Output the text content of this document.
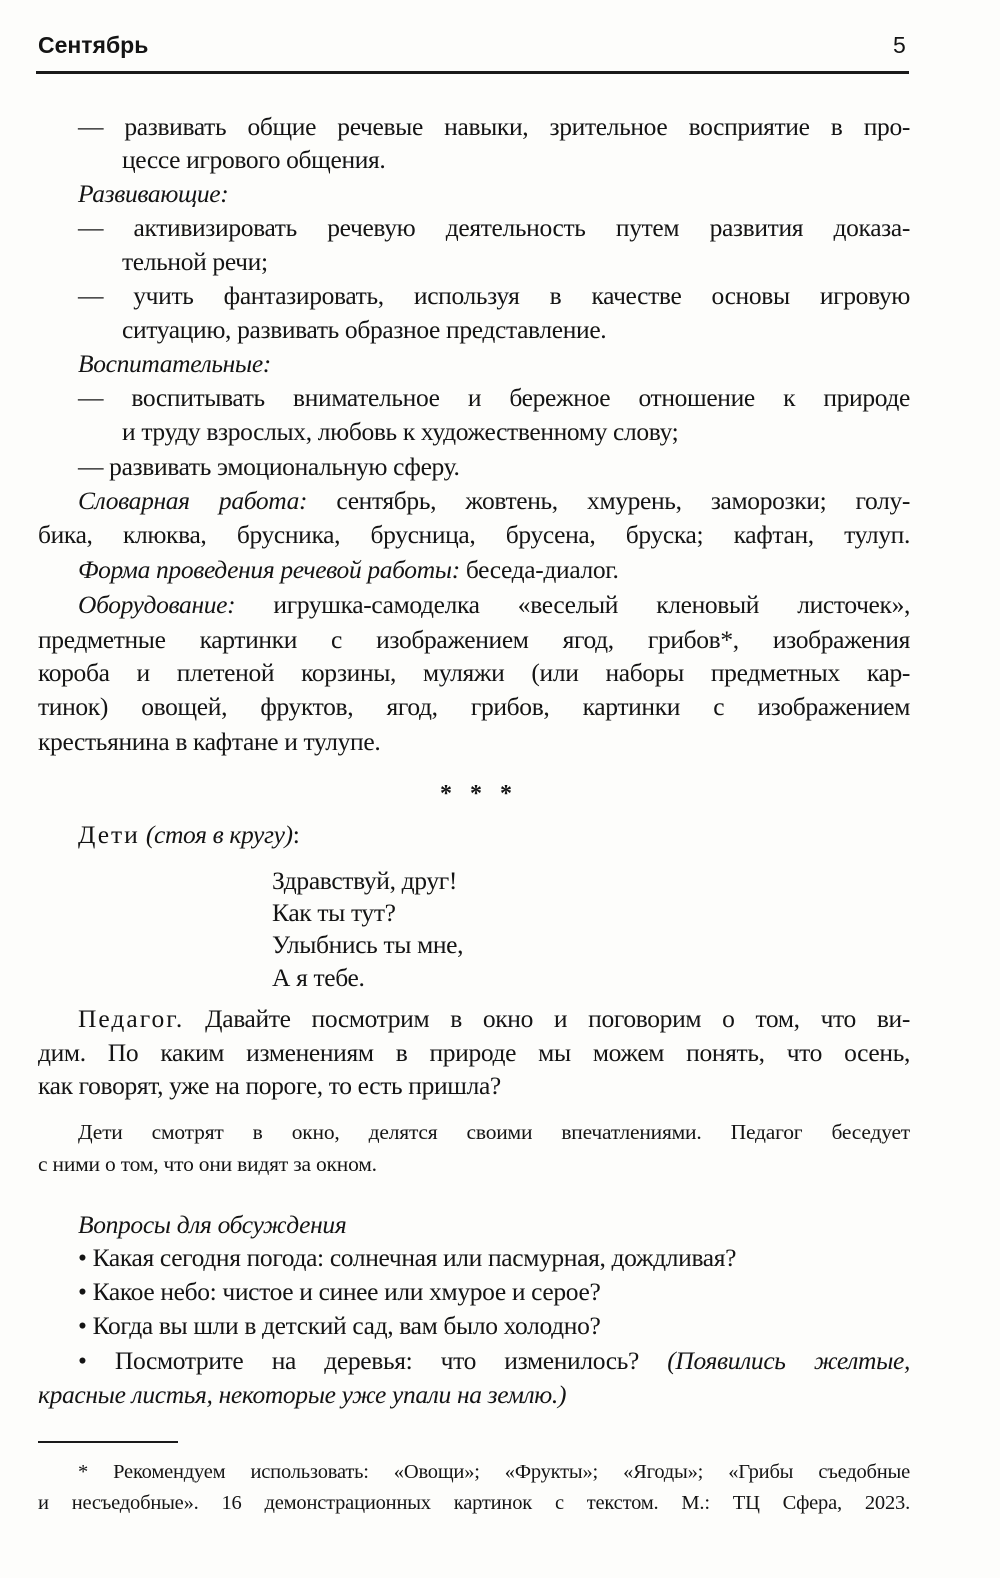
Сентябрь	5
* * *
— развивать общие речевые навыки, зрительное восприятие в про-
цессе игрового общения.
Развивающие:
— активизировать речевую деятельность путем развития доказа-
тельной речи;
— учить фантазировать, используя в качестве основы игровую
ситуацию, развивать образное представление.
Воспитательные:
— воспитывать внимательное и бережное отношение к природе
и труду взрослых, любовь к художественному слову;
— развивать эмоциональную сферу.
Словарная работа: сентябрь, жовтень, хмурень, заморозки; голу-
бика, клюква, брусника, брусница, брусена, бруска; кафтан, тулуп.
Форма проведения речевой работы: беседа-диалог.
Оборудование: игрушка-самоделка «веселый кленовый листочек»,
предметные картинки с изображением ягод, грибов*, изображения
короба и плетеной корзины, муляжи (или наборы предметных кар-
тинок) овощей, фруктов, ягод, грибов, картинки с изображением
крестьянина в кафтане и тулупе.
Дети (стоя в кругу):
Здравствуй, друг!
Как ты тут?
Улыбнись ты мне,
А я тебе.
Педагог. Давайте посмотрим в окно и поговорим о том, что ви-
дим. По каким изменениям в природе мы можем понять, что осень,
как говорят, уже на пороге, то есть пришла?
Дети смотрят в окно, делятся своими впечатлениями. Педагог беседует
с ними о том, что они видят за окном.
Вопросы для обсуждения
• Какая сегодня погода: солнечная или пасмурная, дождливая?
• Какое небо: чистое и синее или хмурое и серое?
• Когда вы шли в детский сад, вам было холодно?
• Посмотрите на деревья: что изменилось? (Появились желтые,
красные листья, некоторые уже упали на землю.)
* Рекомендуем использовать: «Овощи»; «Фрукты»; «Ягоды»; «Грибы съедобные
и несъедобные». 16 демонстрационных картинок с текстом. М.: ТЦ Сфера, 2023.
